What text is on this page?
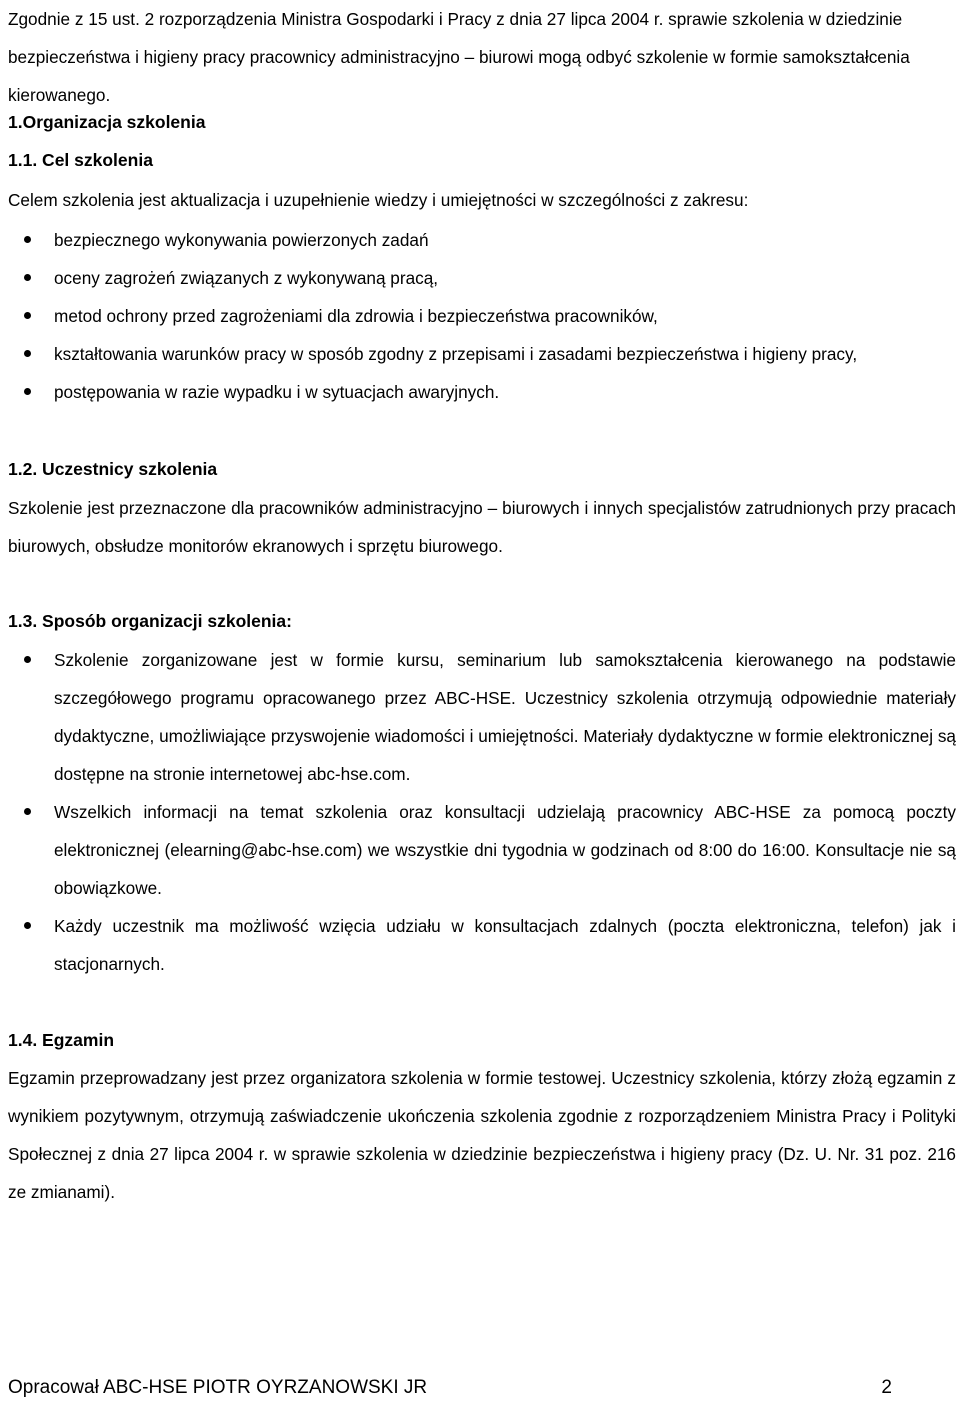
Zgodnie z 15 ust. 2 rozporządzenia Ministra Gospodarki i Pracy z dnia 27 lipca 2004 r. sprawie szkolenia w dziedzinie bezpieczeństwa i higieny pracy pracownicy administracyjno – biurowi mogą odbyć szkolenie w formie samokształcenia kierowanego.

1.Organizacja szkolenia

1.1. Cel szkolenia

Celem szkolenia jest aktualizacja i uzupełnienie wiedzy i umiejętności w szczególności z zakresu:

bezpiecznego wykonywania powierzonych zadań
oceny zagrożeń związanych z wykonywaną pracą,
metod ochrony przed zagrożeniami dla zdrowia i bezpieczeństwa pracowników,
kształtowania warunków pracy w sposób zgodny z przepisami i zasadami bezpieczeństwa i higieny pracy,
postępowania w razie wypadku i w sytuacjach awaryjnych.

1.2. Uczestnicy szkolenia

Szkolenie jest przeznaczone dla pracowników administracyjno – biurowych i innych specjalistów zatrudnionych przy pracach biurowych, obsłudze monitorów ekranowych i sprzętu biurowego.

1.3. Sposób organizacji szkolenia:

Szkolenie zorganizowane jest w formie kursu, seminarium lub samokształcenia kierowanego na podstawie szczegółowego programu opracowanego przez ABC-HSE. Uczestnicy szkolenia otrzymują odpowiednie materiały dydaktyczne, umożliwiające przyswojenie wiadomości i umiejętności. Materiały dydaktyczne w formie elektronicznej są dostępne na stronie internetowej abc-hse.com.
Wszelkich informacji na temat szkolenia oraz konsultacji udzielają pracownicy ABC-HSE za pomocą poczty elektronicznej (elearning@abc-hse.com) we wszystkie dni tygodnia w godzinach od 8:00 do 16:00. Konsultacje nie są obowiązkowe.
Każdy uczestnik ma możliwość wzięcia udziału w konsultacjach zdalnych (poczta elektroniczna, telefon) jak i stacjonarnych.

1.4. Egzamin

Egzamin przeprowadzany jest przez organizatora szkolenia w formie testowej. Uczestnicy szkolenia, którzy złożą egzamin z wynikiem pozytywnym, otrzymują zaświadczenie ukończenia szkolenia zgodnie z rozporządzeniem Ministra Pracy i Polityki Społecznej z dnia 27 lipca 2004 r. w sprawie szkolenia w dziedzinie bezpieczeństwa i higieny pracy (Dz. U. Nr. 31 poz. 216 ze zmianami).

Opracował ABC-HSE PIOTR OYRZANOWSKI JR	2
